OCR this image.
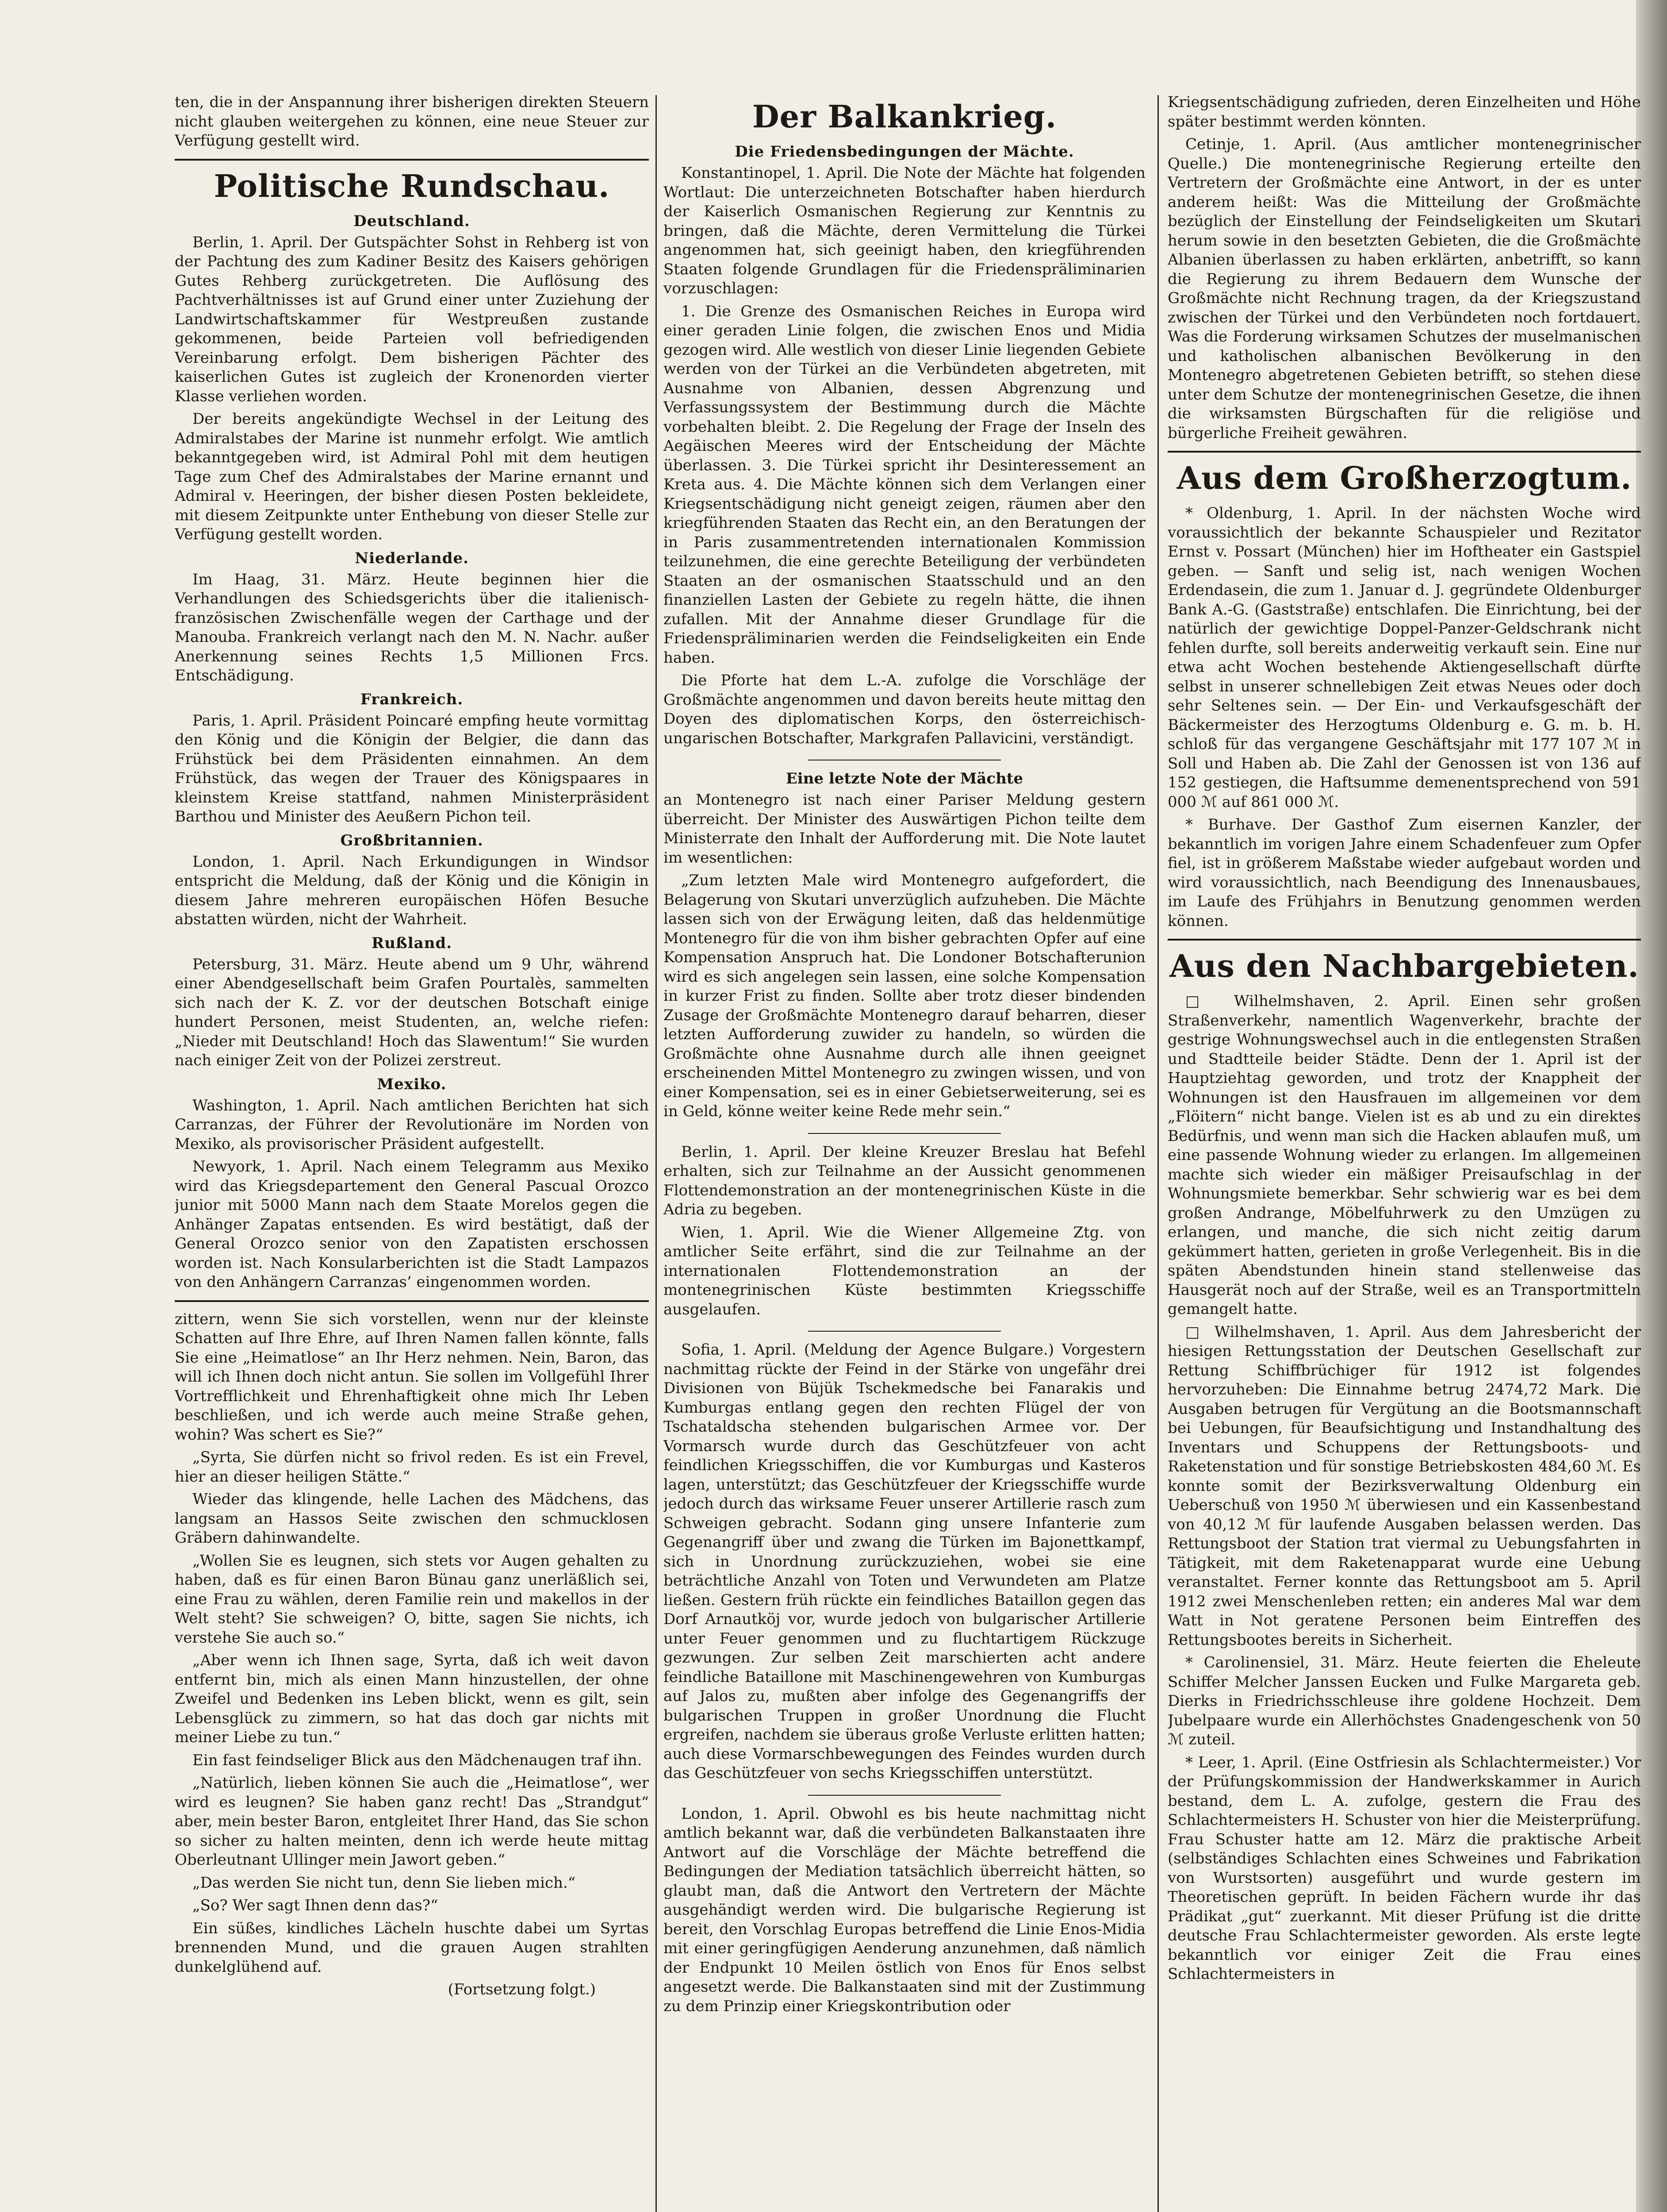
ten, die in der Anspannung ihrer bisherigen direkten Steuern nicht glauben weitergehen zu können, eine neue Steuer zur Verfügung gestellt wird.

Politische Rundschau.
Deutschland.

Berlin, 1. April. Der Gutspächter Sohst in Rehberg ist von der Pachtung des zum Kadiner Besitz des Kaisers gehörigen Gutes Rehberg zurückgetreten. Die Auflösung des Pachtverhältnisses ist auf Grund einer unter Zuziehung der Landwirtschaftskammer für Westpreußen zustande gekommenen, beide Parteien voll befriedigenden Vereinbarung erfolgt. Dem bisherigen Pächter des kaiserlichen Gutes ist zugleich der Kronenorden vierter Klasse verliehen worden.

Der bereits angekündigte Wechsel in der Leitung des Admiralstabes der Marine ist nunmehr erfolgt. Wie amtlich bekanntgegeben wird, ist Admiral Pohl mit dem heutigen Tage zum Chef des Admiralstabes der Marine ernannt und Admiral v. Heeringen, der bisher diesen Posten bekleidete, mit diesem Zeitpunkte unter Enthebung von dieser Stelle zur Verfügung gestellt worden.

Niederlande.

Im Haag, 31. März. Heute beginnen hier die Verhandlungen des Schiedsgerichts über die italienisch-französischen Zwischenfälle wegen der Carthage und der Manouba. Frankreich verlangt nach den M. N. Nachr. außer Anerkennung seines Rechts 1,5 Millionen Frcs. Entschädigung.

Frankreich.

Paris, 1. April. Präsident Poincaré empfing heute vormittag den König und die Königin der Belgier, die dann das Frühstück bei dem Präsidenten einnahmen. An dem Frühstück, das wegen der Trauer des Königspaares in kleinstem Kreise stattfand, nahmen Ministerpräsident Barthou und Minister des Aeußern Pichon teil.

Großbritannien.

London, 1. April. Nach Erkundigungen in Windsor entspricht die Meldung, daß der König und die Königin in diesem Jahre mehreren europäischen Höfen Besuche abstatten würden, nicht der Wahrheit.

Rußland.

Petersburg, 31. März. Heute abend um 9 Uhr, während einer Abendgesellschaft beim Grafen Pourtalès, sammelten sich nach der K. Z. vor der deutschen Botschaft einige hundert Personen, meist Studenten, an, welche riefen: „Nieder mit Deutschland! Hoch das Slawentum!“ Sie wurden nach einiger Zeit von der Polizei zerstreut.

Mexiko.

Washington, 1. April. Nach amtlichen Berichten hat sich Carranzas, der Führer der Revolutionäre im Norden von Mexiko, als provisorischer Präsident aufgestellt.

Newyork, 1. April. Nach einem Telegramm aus Mexiko wird das Kriegsdepartement den General Pascual Orozco junior mit 5000 Mann nach dem Staate Morelos gegen die Anhänger Zapatas entsenden. Es wird bestätigt, daß der General Orozco senior von den Zapatisten erschossen worden ist. Nach Konsularberichten ist die Stadt Lampazos von den Anhängern Carranzas’ eingenommen worden.

zittern, wenn Sie sich vorstellen, wenn nur der kleinste Schatten auf Ihre Ehre, auf Ihren Namen fallen könnte, falls Sie eine „Heimatlose“ an Ihr Herz nehmen. Nein, Baron, das will ich Ihnen doch nicht antun. Sie sollen im Vollgefühl Ihrer Vortrefflichkeit und Ehrenhaftigkeit ohne mich Ihr Leben beschließen, und ich werde auch meine Straße gehen, wohin? Was schert es Sie?“

„Syrta, Sie dürfen nicht so frivol reden. Es ist ein Frevel, hier an dieser heiligen Stätte.“

Wieder das klingende, helle Lachen des Mädchens, das langsam an Hassos Seite zwischen den schmucklosen Gräbern dahinwandelte.

„Wollen Sie es leugnen, sich stets vor Augen gehalten zu haben, daß es für einen Baron Bünau ganz unerläßlich sei, eine Frau zu wählen, deren Familie rein und makellos in der Welt steht? Sie schweigen? O, bitte, sagen Sie nichts, ich verstehe Sie auch so.“

„Aber wenn ich Ihnen sage, Syrta, daß ich weit davon entfernt bin, mich als einen Mann hinzustellen, der ohne Zweifel und Bedenken ins Leben blickt, wenn es gilt, sein Lebensglück zu zimmern, so hat das doch gar nichts mit meiner Liebe zu tun.“

Ein fast feindseliger Blick aus den Mädchenaugen traf ihn.

„Natürlich, lieben können Sie auch die „Heimatlose“, wer wird es leugnen? Sie haben ganz recht! Das „Strandgut“ aber, mein bester Baron, entgleitet Ihrer Hand, das Sie schon so sicher zu halten meinten, denn ich werde heute mittag Oberleutnant Ullinger mein Jawort geben.“

„Das werden Sie nicht tun, denn Sie lieben mich.“

„So? Wer sagt Ihnen denn das?“

Ein süßes, kindliches Lächeln huschte dabei um Syrtas brennenden Mund, und die grauen Augen strahlten dunkelglühend auf.

(Fortsetzung folgt.)
Der Balkankrieg.
Die Friedensbedingungen der Mächte.

Konstantinopel, 1. April. Die Note der Mächte hat folgenden Wortlaut: Die unterzeichneten Botschafter haben hierdurch der Kaiserlich Osmanischen Regierung zur Kenntnis zu bringen, daß die Mächte, deren Vermittelung die Türkei angenommen hat, sich geeinigt haben, den kriegführenden Staaten folgende Grundlagen für die Friedenspräliminarien vorzuschlagen:

1. Die Grenze des Osmanischen Reiches in Europa wird einer geraden Linie folgen, die zwischen Enos und Midia gezogen wird. Alle westlich von dieser Linie liegenden Gebiete werden von der Türkei an die Verbündeten abgetreten, mit Ausnahme von Albanien, dessen Abgrenzung und Verfassungssystem der Bestimmung durch die Mächte vorbehalten bleibt. 2. Die Regelung der Frage der Inseln des Aegäischen Meeres wird der Entscheidung der Mächte überlassen. 3. Die Türkei spricht ihr Desinteressement an Kreta aus. 4. Die Mächte können sich dem Verlangen einer Kriegsentschädigung nicht geneigt zeigen, räumen aber den kriegführenden Staaten das Recht ein, an den Beratungen der in Paris zusammentretenden internationalen Kommission teilzunehmen, die eine gerechte Beteiligung der verbündeten Staaten an der osmanischen Staatsschuld und an den finanziellen Lasten der Gebiete zu regeln hätte, die ihnen zufallen. Mit der Annahme dieser Grundlage für die Friedenspräliminarien werden die Feindseligkeiten ein Ende haben.

Die Pforte hat dem L.-A. zufolge die Vorschläge der Großmächte angenommen und davon bereits heute mittag den Doyen des diplomatischen Korps, den österreichisch-ungarischen Botschafter, Markgrafen Pallavicini, verständigt.

Eine letzte Note der Mächte

an Montenegro ist nach einer Pariser Meldung gestern überreicht. Der Minister des Auswärtigen Pichon teilte dem Ministerrate den Inhalt der Aufforderung mit. Die Note lautet im wesentlichen:

„Zum letzten Male wird Montenegro aufgefordert, die Belagerung von Skutari unverzüglich aufzuheben. Die Mächte lassen sich von der Erwägung leiten, daß das heldenmütige Montenegro für die von ihm bisher gebrachten Opfer auf eine Kompensation Anspruch hat. Die Londoner Botschafterunion wird es sich angelegen sein lassen, eine solche Kompensation in kurzer Frist zu finden. Sollte aber trotz dieser bindenden Zusage der Großmächte Montenegro darauf beharren, dieser letzten Aufforderung zuwider zu handeln, so würden die Großmächte ohne Ausnahme durch alle ihnen geeignet erscheinenden Mittel Montenegro zu zwingen wissen, und von einer Kompensation, sei es in einer Gebietserweiterung, sei es in Geld, könne weiter keine Rede mehr sein.“

Berlin, 1. April. Der kleine Kreuzer Breslau hat Befehl erhalten, sich zur Teilnahme an der Aussicht genommenen Flottendemonstration an der montenegrinischen Küste in die Adria zu begeben.

Wien, 1. April. Wie die Wiener Allgemeine Ztg. von amtlicher Seite erfährt, sind die zur Teilnahme an der internationalen Flottendemonstration an der montenegrinischen Küste bestimmten Kriegsschiffe ausgelaufen.

Sofia, 1. April. (Meldung der Agence Bulgare.) Vorgestern nachmittag rückte der Feind in der Stärke von ungefähr drei Divisionen von Büjük Tschekmedsche bei Fanarakis und Kumburgas entlang gegen den rechten Flügel der von Tschataldscha stehenden bulgarischen Armee vor. Der Vormarsch wurde durch das Geschützfeuer von acht feindlichen Kriegsschiffen, die vor Kumburgas und Kasteros lagen, unterstützt; das Geschützfeuer der Kriegsschiffe wurde jedoch durch das wirksame Feuer unserer Artillerie rasch zum Schweigen gebracht. Sodann ging unsere Infanterie zum Gegenangriff über und zwang die Türken im Bajonettkampf, sich in Unordnung zurückzuziehen, wobei sie eine beträchtliche Anzahl von Toten und Verwundeten am Platze ließen. Gestern früh rückte ein feindliches Bataillon gegen das Dorf Arnautköj vor, wurde jedoch von bulgarischer Artillerie unter Feuer genommen und zu fluchtartigem Rückzuge gezwungen. Zur selben Zeit marschierten acht andere feindliche Bataillone mit Maschinengewehren von Kumburgas auf Jalos zu, mußten aber infolge des Gegenangriffs der bulgarischen Truppen in großer Unordnung die Flucht ergreifen, nachdem sie überaus große Verluste erlitten hatten; auch diese Vormarschbewegungen des Feindes wurden durch das Geschützfeuer von sechs Kriegsschiffen unterstützt.

London, 1. April. Obwohl es bis heute nachmittag nicht amtlich bekannt war, daß die verbündeten Balkanstaaten ihre Antwort auf die Vorschläge der Mächte betreffend die Bedingungen der Mediation tatsächlich überreicht hätten, so glaubt man, daß die Antwort den Vertretern der Mächte ausgehändigt werden wird. Die bulgarische Regierung ist bereit, den Vorschlag Europas betreffend die Linie Enos-Midia mit einer geringfügigen Aenderung anzunehmen, daß nämlich der Endpunkt 10 Meilen östlich von Enos für Enos selbst angesetzt werde. Die Balkanstaaten sind mit der Zustimmung zu dem Prinzip einer Kriegskontribution oder

Kriegsentschädigung zufrieden, deren Einzelheiten und Höhe später bestimmt werden könnten.

Cetinje, 1. April. (Aus amtlicher montenegrinischer Quelle.) Die montenegrinische Regierung erteilte den Vertretern der Großmächte eine Antwort, in der es unter anderem heißt: Was die Mitteilung der Großmächte bezüglich der Einstellung der Feindseligkeiten um Skutari herum sowie in den besetzten Gebieten, die die Großmächte Albanien überlassen zu haben erklärten, anbetrifft, so kann die Regierung zu ihrem Bedauern dem Wunsche der Großmächte nicht Rechnung tragen, da der Kriegszustand zwischen der Türkei und den Verbündeten noch fortdauert. Was die Forderung wirksamen Schutzes der muselmanischen und katholischen albanischen Bevölkerung in den Montenegro abgetretenen Gebieten betrifft, so stehen diese unter dem Schutze der montenegrinischen Gesetze, die ihnen die wirksamsten Bürgschaften für die religiöse und bürgerliche Freiheit gewähren.

Aus dem Großherzogtum.

* Oldenburg, 1. April. In der nächsten Woche wird voraussichtlich der bekannte Schauspieler und Rezitator Ernst v. Possart (München) hier im Hoftheater ein Gastspiel geben. — Sanft und selig ist, nach wenigen Wochen Erdendasein, die zum 1. Januar d. J. gegründete Oldenburger Bank A.-G. (Gaststraße) entschlafen. Die Einrichtung, bei der natürlich der gewichtige Doppel-Panzer-Geldschrank nicht fehlen durfte, soll bereits anderweitig verkauft sein. Eine nur etwa acht Wochen bestehende Aktiengesellschaft dürfte selbst in unserer schnellebigen Zeit etwas Neues oder doch sehr Seltenes sein. — Der Ein- und Verkaufsgeschäft der Bäckermeister des Herzogtums Oldenburg e. G. m. b. H. schloß für das vergangene Geschäftsjahr mit 177 107 ℳ in Soll und Haben ab. Die Zahl der Genossen ist von 136 auf 152 gestiegen, die Haftsumme demenentsprechend von 591 000 ℳ auf 861 000 ℳ.

* Burhave. Der Gasthof Zum eisernen Kanzler, der bekanntlich im vorigen Jahre einem Schadenfeuer zum Opfer fiel, ist in größerem Maßstabe wieder aufgebaut worden und wird voraussichtlich, nach Beendigung des Innenausbaues, im Laufe des Frühjahrs in Benutzung genommen werden können.

Aus den Nachbargebieten.

□ Wilhelmshaven, 2. April. Einen sehr großen Straßenverkehr, namentlich Wagenverkehr, brachte der gestrige Wohnungswechsel auch in die entlegensten Straßen und Stadtteile beider Städte. Denn der 1. April ist der Hauptziehtag geworden, und trotz der Knappheit der Wohnungen ist den Hausfrauen im allgemeinen vor dem „Flöitern“ nicht bange. Vielen ist es ab und zu ein direktes Bedürfnis, und wenn man sich die Hacken ablaufen muß, um eine passende Wohnung wieder zu erlangen. Im allgemeinen machte sich wieder ein mäßiger Preisaufschlag in der Wohnungsmiete bemerkbar. Sehr schwierig war es bei dem großen Andrange, Möbelfuhrwerk zu den Umzügen zu erlangen, und manche, die sich nicht zeitig darum gekümmert hatten, gerieten in große Verlegenheit. Bis in die späten Abendstunden hinein stand stellenweise das Hausgerät noch auf der Straße, weil es an Transportmitteln gemangelt hatte.

□ Wilhelmshaven, 1. April. Aus dem Jahresbericht der hiesigen Rettungsstation der Deutschen Gesellschaft zur Rettung Schiffbrüchiger für 1912 ist folgendes hervorzuheben: Die Einnahme betrug 2474,72 Mark. Die Ausgaben betrugen für Vergütung an die Bootsmannschaft bei Uebungen, für Beaufsichtigung und Instandhaltung des Inventars und Schuppens der Rettungsboots- und Raketenstation und für sonstige Betriebskosten 484,60 ℳ. Es konnte somit der Bezirksverwaltung Oldenburg ein Ueberschuß von 1950 ℳ überwiesen und ein Kassenbestand von 40,12 ℳ für laufende Ausgaben belassen werden. Das Rettungsboot der Station trat viermal zu Uebungsfahrten in Tätigkeit, mit dem Raketenapparat wurde eine Uebung veranstaltet. Ferner konnte das Rettungsboot am 5. April 1912 zwei Menschenleben retten; ein anderes Mal war dem Watt in Not geratene Personen beim Eintreffen des Rettungsbootes bereits in Sicherheit.

* Carolinensiel, 31. März. Heute feierten die Eheleute Schiffer Melcher Janssen Eucken und Fulke Margareta geb. Dierks in Friedrichsschleuse ihre goldene Hochzeit. Dem Jubelpaare wurde ein Allerhöchstes Gnadengeschenk von 50 ℳ zuteil.

* Leer, 1. April. (Eine Ostfriesin als Schlachtermeister.) Vor der Prüfungskommission der Handwerkskammer in Aurich bestand, dem L. A. zufolge, gestern die Frau des Schlachtermeisters H. Schuster von hier die Meisterprüfung. Frau Schuster hatte am 12. März die praktische Arbeit (selbständiges Schlachten eines Schweines und Fabrikation von Wurstsorten) ausgeführt und wurde gestern im Theoretischen geprüft. In beiden Fächern wurde ihr das Prädikat „gut“ zuerkannt. Mit dieser Prüfung ist die dritte deutsche Frau Schlachtermeister geworden. Als erste legte bekanntlich vor einiger Zeit die Frau eines Schlachtermeisters in
